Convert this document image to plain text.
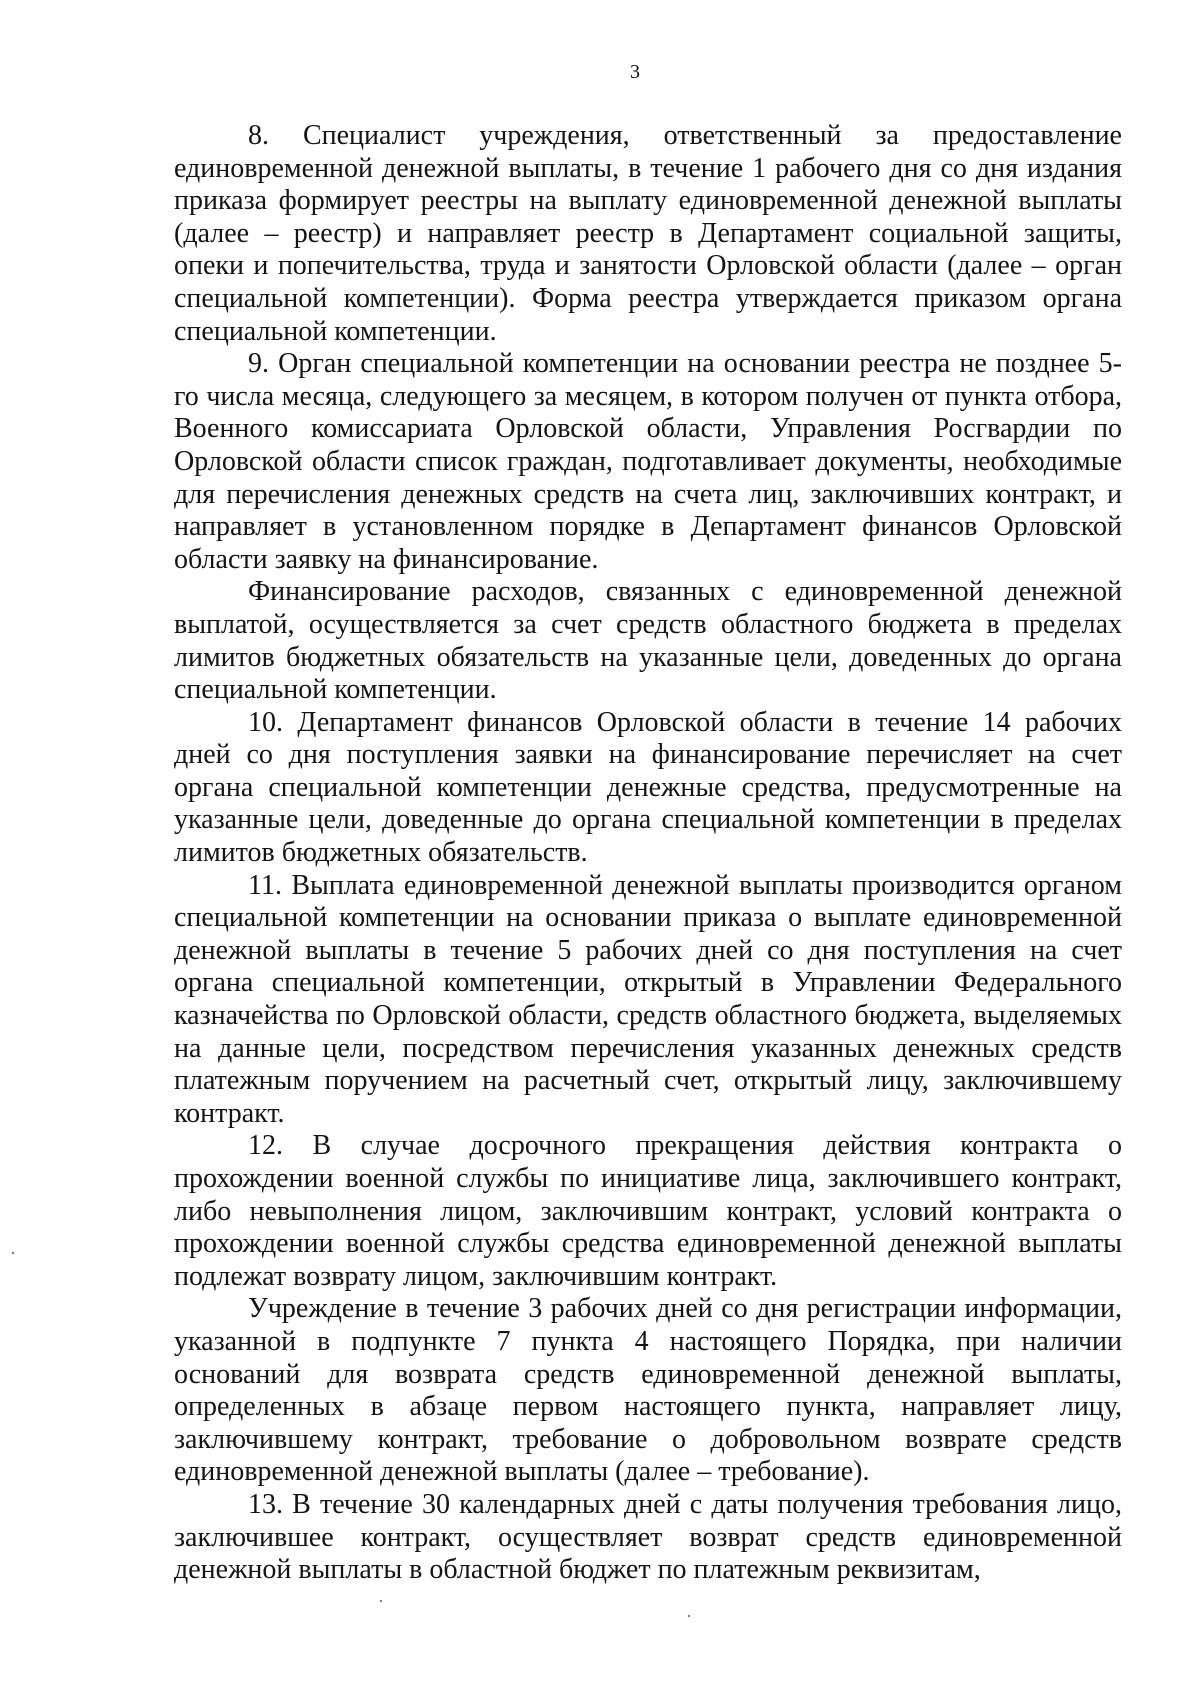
3

8. Специалист учреждения, ответственный за предоставление единовременной денежной выплаты, в течение 1 рабочего дня со дня издания приказа формирует реестры на выплату единовременной денежной выплаты (далее – реестр) и направляет реестр в Департамент социальной защиты, опеки и попечительства, труда и занятости Орловской области (далее – орган специальной компетенции). Форма реестра утверждается приказом органа специальной компетенции.

9. Орган специальной компетенции на основании реестра не позднее 5-го числа месяца, следующего за месяцем, в котором получен от пункта отбора, Военного комиссариата Орловской области, Управления Росгвардии по Орловской области список граждан, подготавливает документы, необходимые для перечисления денежных средств на счета лиц, заключивших контракт, и направляет в установленном порядке в Департамент финансов Орловской области заявку на финансирование.

Финансирование расходов, связанных с единовременной денежной выплатой, осуществляется за счет средств областного бюджета в пределах лимитов бюджетных обязательств на указанные цели, доведенных до органа специальной компетенции.

10. Департамент финансов Орловской области в течение 14 рабочих дней со дня поступления заявки на финансирование перечисляет на счет органа специальной компетенции денежные средства, предусмотренные на указанные цели, доведенные до органа специальной компетенции в пределах лимитов бюджетных обязательств.

11. Выплата единовременной денежной выплаты производится органом специальной компетенции на основании приказа о выплате единовременной денежной выплаты в течение 5 рабочих дней со дня поступления на счет органа специальной компетенции, открытый в Управлении Федерального казначейства по Орловской области, средств областного бюджета, выделяемых на данные цели, посредством перечисления указанных денежных средств платежным поручением на расчетный счет, открытый лицу, заключившему контракт.

12. В случае досрочного прекращения действия контракта о прохождении военной службы по инициативе лица, заключившего контракт, либо невыполнения лицом, заключившим контракт, условий контракта о прохождении военной службы средства единовременной денежной выплаты подлежат возврату лицом, заключившим контракт.

Учреждение в течение 3 рабочих дней со дня регистрации информации, указанной в подпункте 7 пункта 4 настоящего Порядка, при наличии оснований для возврата средств единовременной денежной выплаты, определенных в абзаце первом настоящего пункта, направляет лицу, заключившему контракт, требование о добровольном возврате средств единовременной денежной выплаты (далее – требование).

13. В течение 30 календарных дней с даты получения требования лицо, заключившее контракт, осуществляет возврат средств единовременной денежной выплаты в областной бюджет по платежным реквизитам,
